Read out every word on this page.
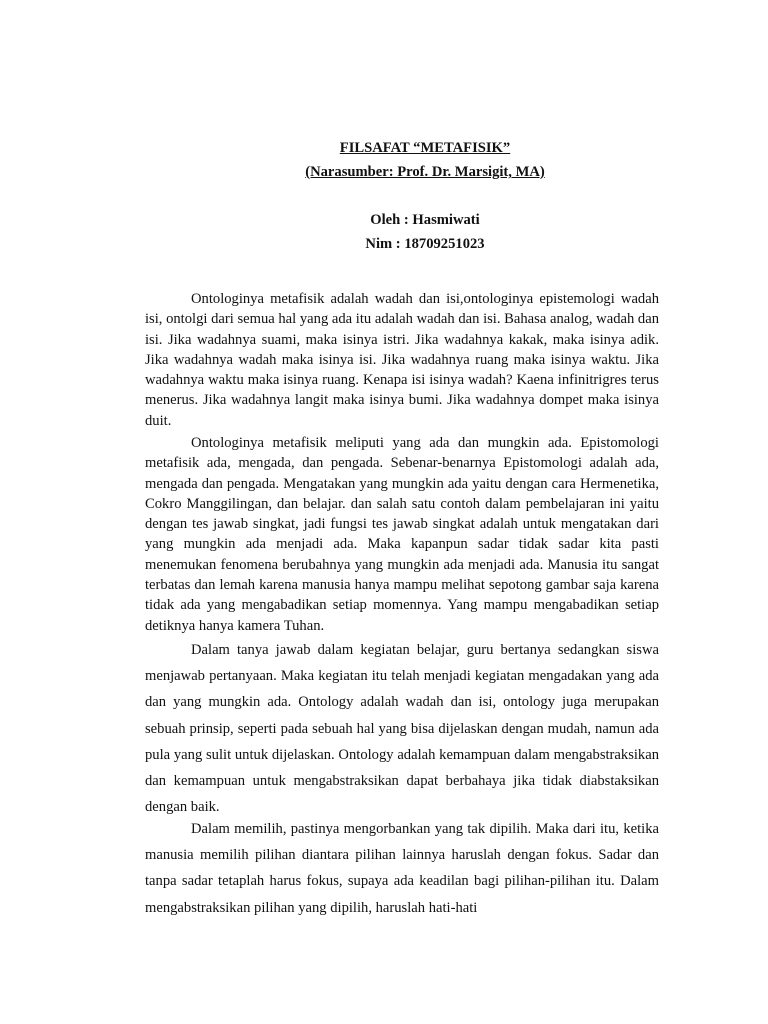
FILSAFAT “METAFISIK”
(Narasumber: Prof. Dr. Marsigit, MA)
Oleh : Hasmiwati
Nim : 18709251023

Ontologinya metafisik adalah wadah dan isi,ontologinya epistemologi wadah isi, ontolgi dari semua hal yang ada itu adalah wadah dan isi. Bahasa analog, wadah dan isi. Jika wadahnya suami, maka isinya istri. Jika wadahnya kakak, maka isinya adik. Jika wadahnya wadah maka isinya isi. Jika wadahnya ruang maka isinya waktu. Jika wadahnya waktu maka isinya ruang. Kenapa isi isinya wadah? Kaena infinitrigres terus menerus. Jika wadahnya langit maka isinya bumi. Jika wadahnya dompet maka isinya duit.

Ontologinya metafisik meliputi yang ada dan mungkin ada. Epistomologi metafisik ada, mengada, dan pengada. Sebenar-benarnya Epistomologi adalah ada, mengada dan pengada. Mengatakan yang mungkin ada yaitu dengan cara Hermenetika, Cokro Manggilingan, dan belajar. dan salah satu contoh dalam pembelajaran ini yaitu dengan tes jawab singkat, jadi fungsi tes jawab singkat adalah untuk mengatakan dari yang mungkin ada menjadi ada. Maka kapanpun sadar tidak sadar kita pasti menemukan fenomena berubahnya yang mungkin ada menjadi ada. Manusia itu sangat terbatas dan lemah karena manusia hanya mampu melihat sepotong gambar saja karena tidak ada yang mengabadikan setiap momennya. Yang mampu mengabadikan setiap detiknya hanya kamera Tuhan.

Dalam tanya jawab dalam kegiatan belajar, guru bertanya sedangkan siswa menjawab pertanyaan. Maka kegiatan itu telah menjadi kegiatan mengadakan yang ada dan yang mungkin ada. Ontology adalah wadah dan isi, ontology juga merupakan sebuah prinsip, seperti pada sebuah hal yang bisa dijelaskan dengan mudah, namun ada pula yang sulit untuk dijelaskan. Ontology adalah kemampuan dalam mengabstraksikan dan kemampuan untuk mengabstraksikan dapat berbahaya jika tidak diabstaksikan dengan baik.

Dalam memilih, pastinya mengorbankan yang tak dipilih. Maka dari itu, ketika manusia memilih pilihan diantara pilihan lainnya haruslah dengan fokus. Sadar dan tanpa sadar tetaplah harus fokus, supaya ada keadilan bagi pilihan-pilihan itu. Dalam mengabstraksikan pilihan yang dipilih, haruslah hati-hati
